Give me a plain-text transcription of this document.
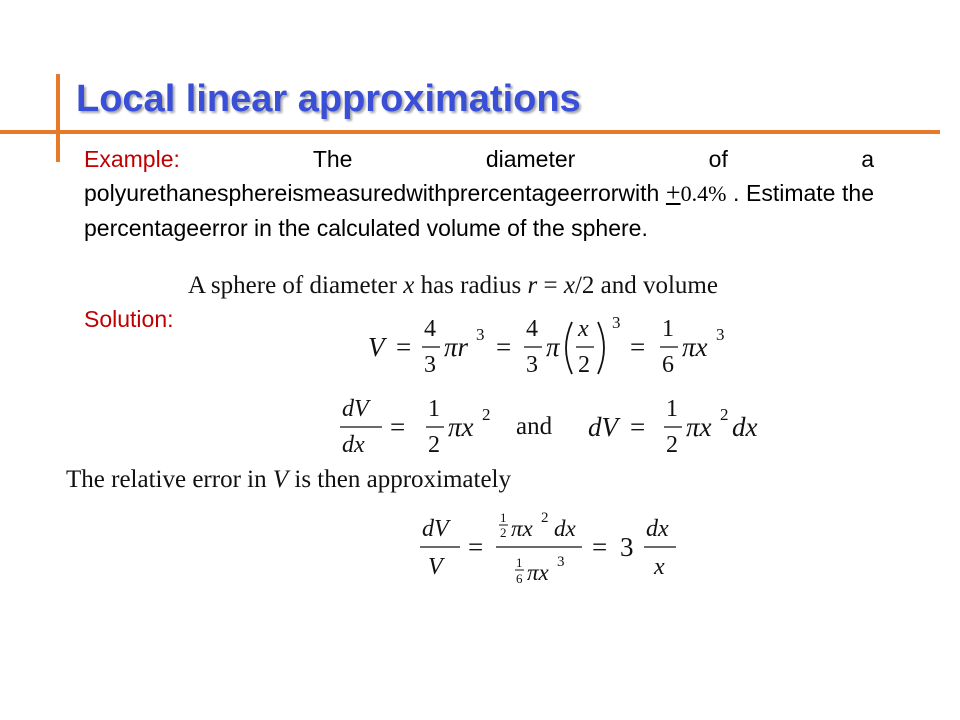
Local linear approximations
Example:	The diameter of a polyurethanesphereismeasuredwithprercentageerrorwith +0.4% . Estimate the percentageerror in the calculated volume of the sphere.
Solution:
A sphere of diameter x has radius r = x/2 and volume
V =
4
3
πr 3 =
4
3
π
x
2
3
=
1
6
πx 3
dV
dx
=
1
2
πx 2 and dV =
1
2
πx 2 dx
The relative error in V is then approximately
dV
V
=
1
2 πx 2 dx
1
6 πx 3 = 3
dx
x
